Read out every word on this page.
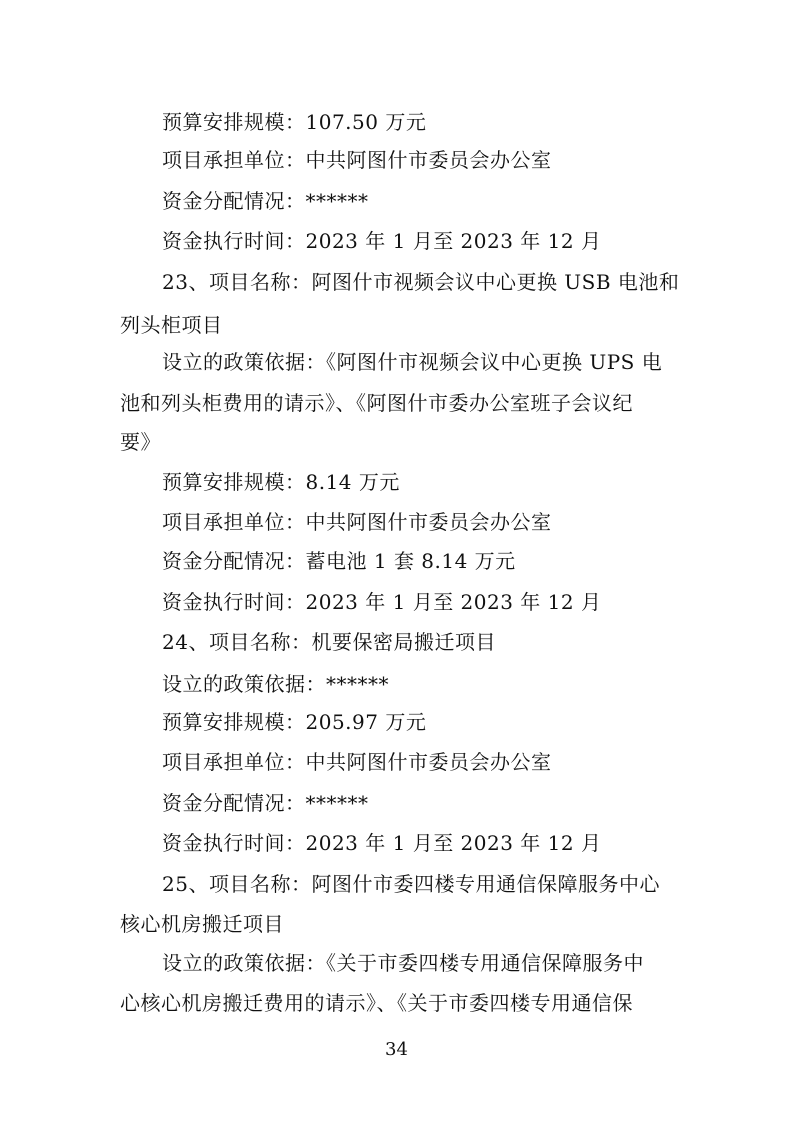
预算安排规模：107.50 万元
项目承担单位：中共阿图什市委员会办公室
资金分配情况：******
资金执行时间：2023 年 1 月至 2023 年 12 月
23、项目名称：阿图什市视频会议中心更换 USB 电池和
列头柜项目
设立的政策依据：《阿图什市视频会议中心更换 UPS 电
池和列头柜费用的请示》、《阿图什市委办公室班子会议纪
要》
预算安排规模：8.14 万元
项目承担单位：中共阿图什市委员会办公室
资金分配情况：蓄电池 1 套 8.14 万元
资金执行时间：2023 年 1 月至 2023 年 12 月
24、项目名称：机要保密局搬迁项目
设立的政策依据：******
预算安排规模：205.97 万元
项目承担单位：中共阿图什市委员会办公室
资金分配情况：******
资金执行时间：2023 年 1 月至 2023 年 12 月
25、项目名称：阿图什市委四楼专用通信保障服务中心
核心机房搬迁项目
设立的政策依据：《关于市委四楼专用通信保障服务中
心核心机房搬迁费用的请示》、《关于市委四楼专用通信保
34
